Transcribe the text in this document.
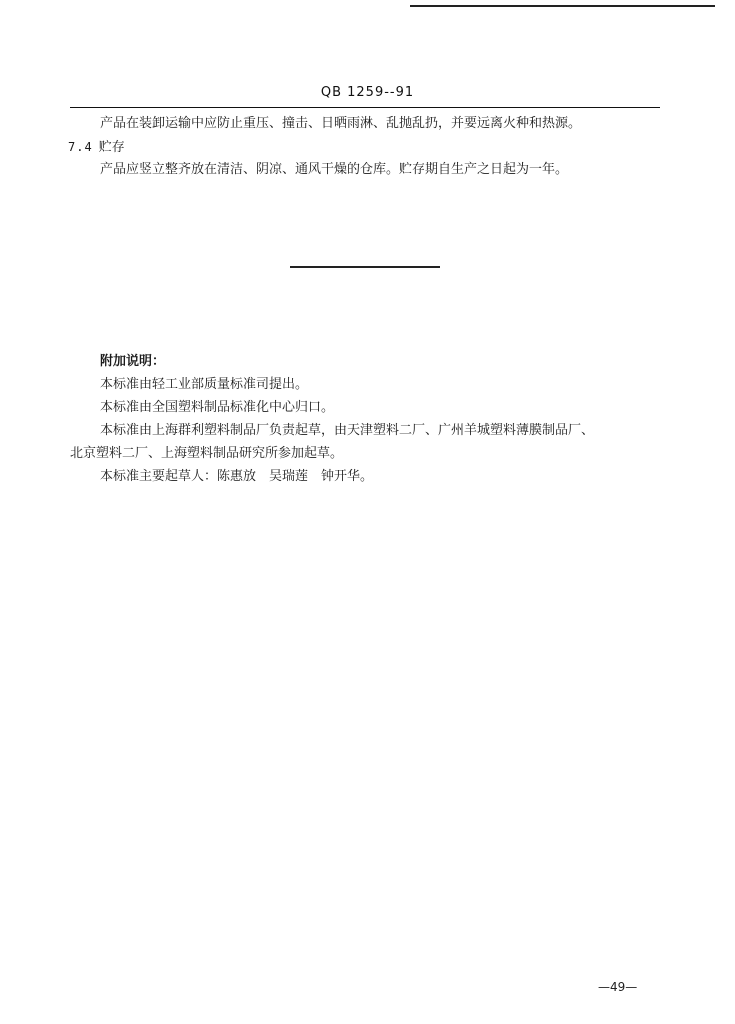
QB 1259--91
产品在装卸运输中应防止重压、撞击、日晒雨淋、乱抛乱扔，并要远离火种和热源。
7.4 贮存
产品应竖立整齐放在清洁、阴凉、通风干燥的仓库。贮存期自生产之日起为一年。
附加说明：
本标准由轻工业部质量标准司提出。
本标准由全国塑料制品标准化中心归口。
本标准由上海群利塑料制品厂负责起草，由天津塑料二厂、广州羊城塑料薄膜制品厂、
北京塑料二厂、上海塑料制品研究所参加起草。
本标准主要起草人：陈惠放　吴瑞莲　钟开华。
—49—
